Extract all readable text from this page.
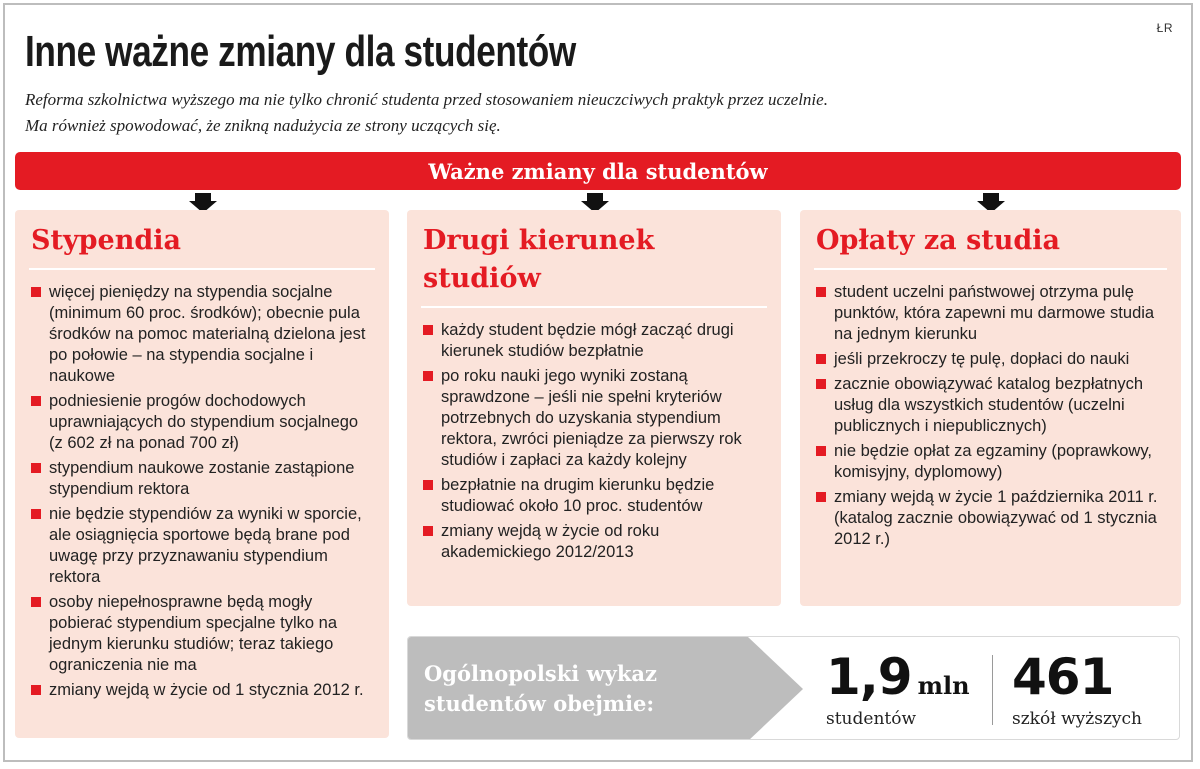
ŁR
Inne ważne zmiany dla studentów
Reforma szkolnictwa wyższego ma nie tylko chronić studenta przed stosowaniem nieuczciwych praktyk przez uczelnie.
Ma również spowodować, że znikną nadużycia ze strony uczących się.
Ważne zmiany dla studentów
Stypendia
więcej pieniędzy na stypendia socjalne (minimum 60 proc. środków); obecnie pula środków na pomoc materialną dzielona jest po połowie – na stypendia socjalne i naukowe
podniesienie progów dochodowych uprawniających do stypendium socjalnego (z 602 zł na ponad 700 zł)
stypendium naukowe zostanie zastąpione stypendium rektora
nie będzie stypendiów za wyniki w sporcie, ale osiągnięcia sportowe będą brane pod uwagę przy przyznawaniu stypendium rektora
osoby niepełnosprawne będą mogły pobierać stypendium specjalne tylko na jednym kierunku studiów; teraz takiego ograniczenia nie ma
zmiany wejdą w życie od 1 stycznia 2012 r.
Drugi kierunek studiów
każdy student będzie mógł zacząć drugi kierunek studiów bezpłatnie
po roku nauki jego wyniki zostaną sprawdzone – jeśli nie spełni kryteriów potrzebnych do uzyskania stypendium rektora, zwróci pieniądze za pierwszy rok studiów i zapłaci za każdy kolejny
bezpłatnie na drugim kierunku będzie studiować około 10 proc. studentów
zmiany wejdą w życie od roku akademickiego 2012/2013
Opłaty za studia
student uczelni państwowej otrzyma pulę punktów, która zapewni mu darmowe studia na jednym kierunku
jeśli przekroczy tę pulę, dopłaci do nauki
zacznie obowiązywać katalog bezpłatnych usług dla wszystkich studentów (uczelni publicznych i niepublicznych)
nie będzie opłat za egzaminy (poprawkowy, komisyjny, dyplomowy)
zmiany wejdą w życie 1 października 2011 r. (katalog zacznie obowiązywać od 1 stycznia 2012 r.)
Ogólnopolski wykaz studentów obejmie:	1,9 mln
studentów
461
szkół wyższych
